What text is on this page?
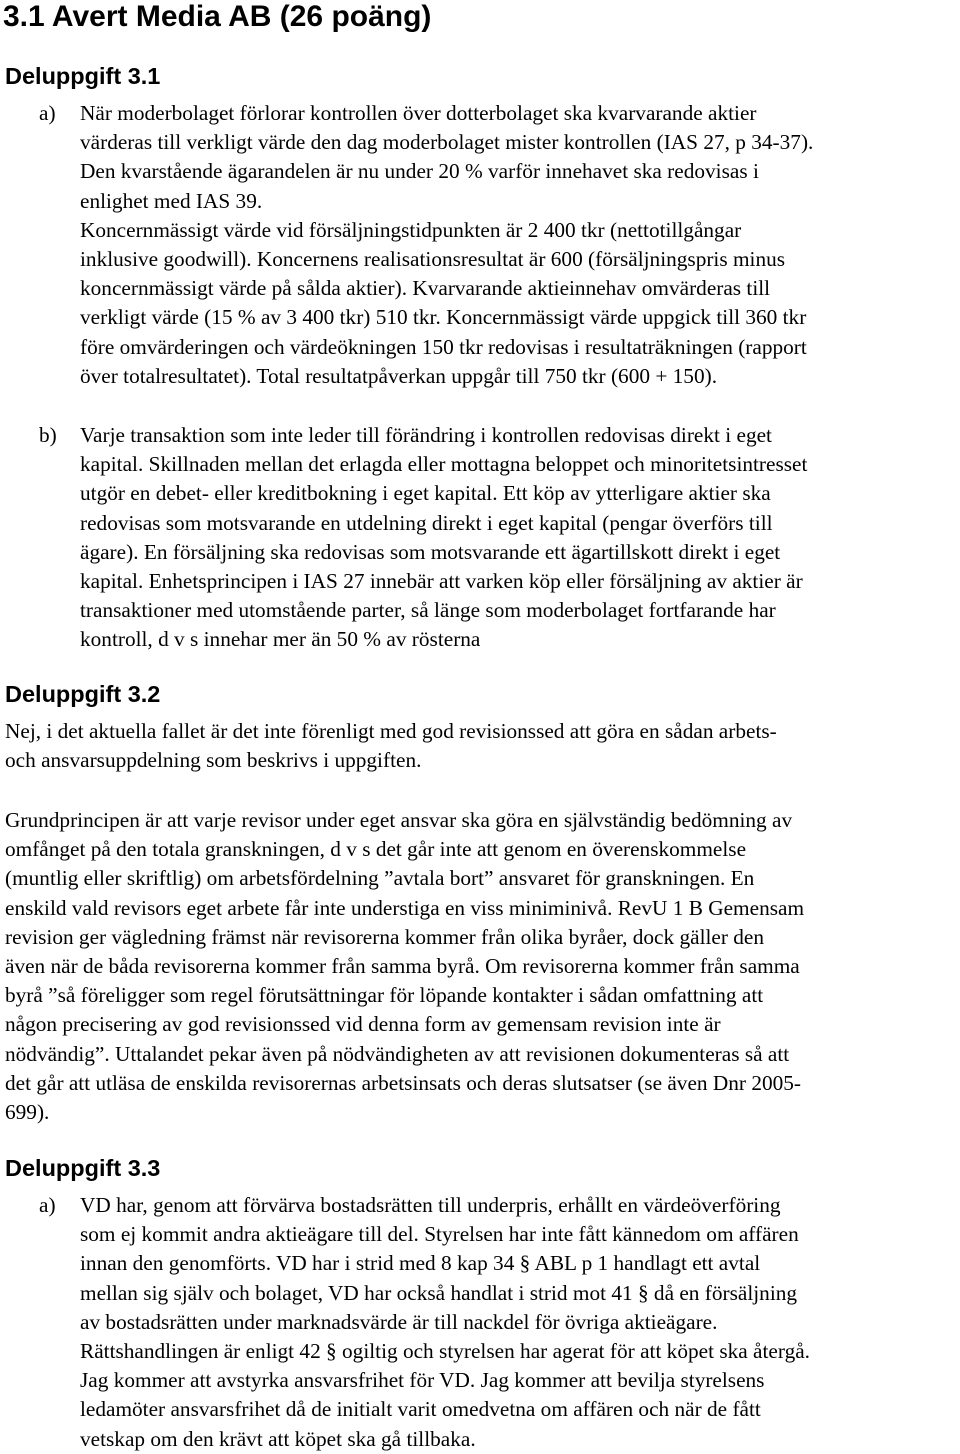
3.1 Avert Media AB (26 poäng)
Deluppgift 3.1
a) När moderbolaget förlorar kontrollen över dotterbolaget ska kvarvarande aktier
värderas till verkligt värde den dag moderbolaget mister kontrollen (IAS 27, p 34-37).
Den kvarstående ägarandelen är nu under 20 % varför innehavet ska redovisas i
enlighet med IAS 39.
Koncernmässigt värde vid försäljningstidpunkten är 2 400 tkr (nettotillgångar
inklusive goodwill). Koncernens realisationsresultat är 600 (försäljningspris minus
koncernmässigt värde på sålda aktier). Kvarvarande aktieinnehav omvärderas till
verkligt värde (15 % av 3 400 tkr) 510 tkr. Koncernmässigt värde uppgick till 360 tkr
före omvärderingen och värdeökningen 150 tkr redovisas i resultaträkningen (rapport
över totalresultatet). Total resultatpåverkan uppgår till 750 tkr (600 + 150).
b) Varje transaktion som inte leder till förändring i kontrollen redovisas direkt i eget
kapital. Skillnaden mellan det erlagda eller mottagna beloppet och minoritetsintresset
utgör en debet- eller kreditbokning i eget kapital. Ett köp av ytterligare aktier ska
redovisas som motsvarande en utdelning direkt i eget kapital (pengar överförs till
ägare). En försäljning ska redovisas som motsvarande ett ägartillskott direkt i eget
kapital. Enhetsprincipen i IAS 27 innebär att varken köp eller försäljning av aktier är
transaktioner med utomstående parter, så länge som moderbolaget fortfarande har
kontroll, d v s innehar mer än 50 % av rösterna
Deluppgift 3.2
Nej, i det aktuella fallet är det inte förenligt med god revisionssed att göra en sådan arbets-
och ansvarsuppdelning som beskrivs i uppgiften.
Grundprincipen är att varje revisor under eget ansvar ska göra en självständig bedömning av
omfånget på den totala granskningen, d v s det går inte att genom en överenskommelse
(muntlig eller skriftlig) om arbetsfördelning ”avtala bort” ansvaret för granskningen. En
enskild vald revisors eget arbete får inte understiga en viss miniminivå. RevU 1 B Gemensam
revision ger vägledning främst när revisorerna kommer från olika byråer, dock gäller den
även när de båda revisorerna kommer från samma byrå. Om revisorerna kommer från samma
byrå ”så föreligger som regel förutsättningar för löpande kontakter i sådan omfattning att
någon precisering av god revisionssed vid denna form av gemensam revision inte är
nödvändig”. Uttalandet pekar även på nödvändigheten av att revisionen dokumenteras så att
det går att utläsa de enskilda revisorernas arbetsinsats och deras slutsatser (se även Dnr 2005-
699).
Deluppgift 3.3
a) VD har, genom att förvärva bostadsrätten till underpris, erhållt en värdeöverföring
som ej kommit andra aktieägare till del. Styrelsen har inte fått kännedom om affären
innan den genomförts. VD har i strid med 8 kap 34 § ABL p 1 handlagt ett avtal
mellan sig själv och bolaget, VD har också handlat i strid mot 41 § då en försäljning
av bostadsrätten under marknadsvärde är till nackdel för övriga aktieägare.
Rättshandlingen är enligt 42 § ogiltig och styrelsen har agerat för att köpet ska återgå.
Jag kommer att avstyrka ansvarsfrihet för VD. Jag kommer att bevilja styrelsens
ledamöter ansvarsfrihet då de initialt varit omedvetna om affären och när de fått
vetskap om den krävt att köpet ska gå tillbaka.
